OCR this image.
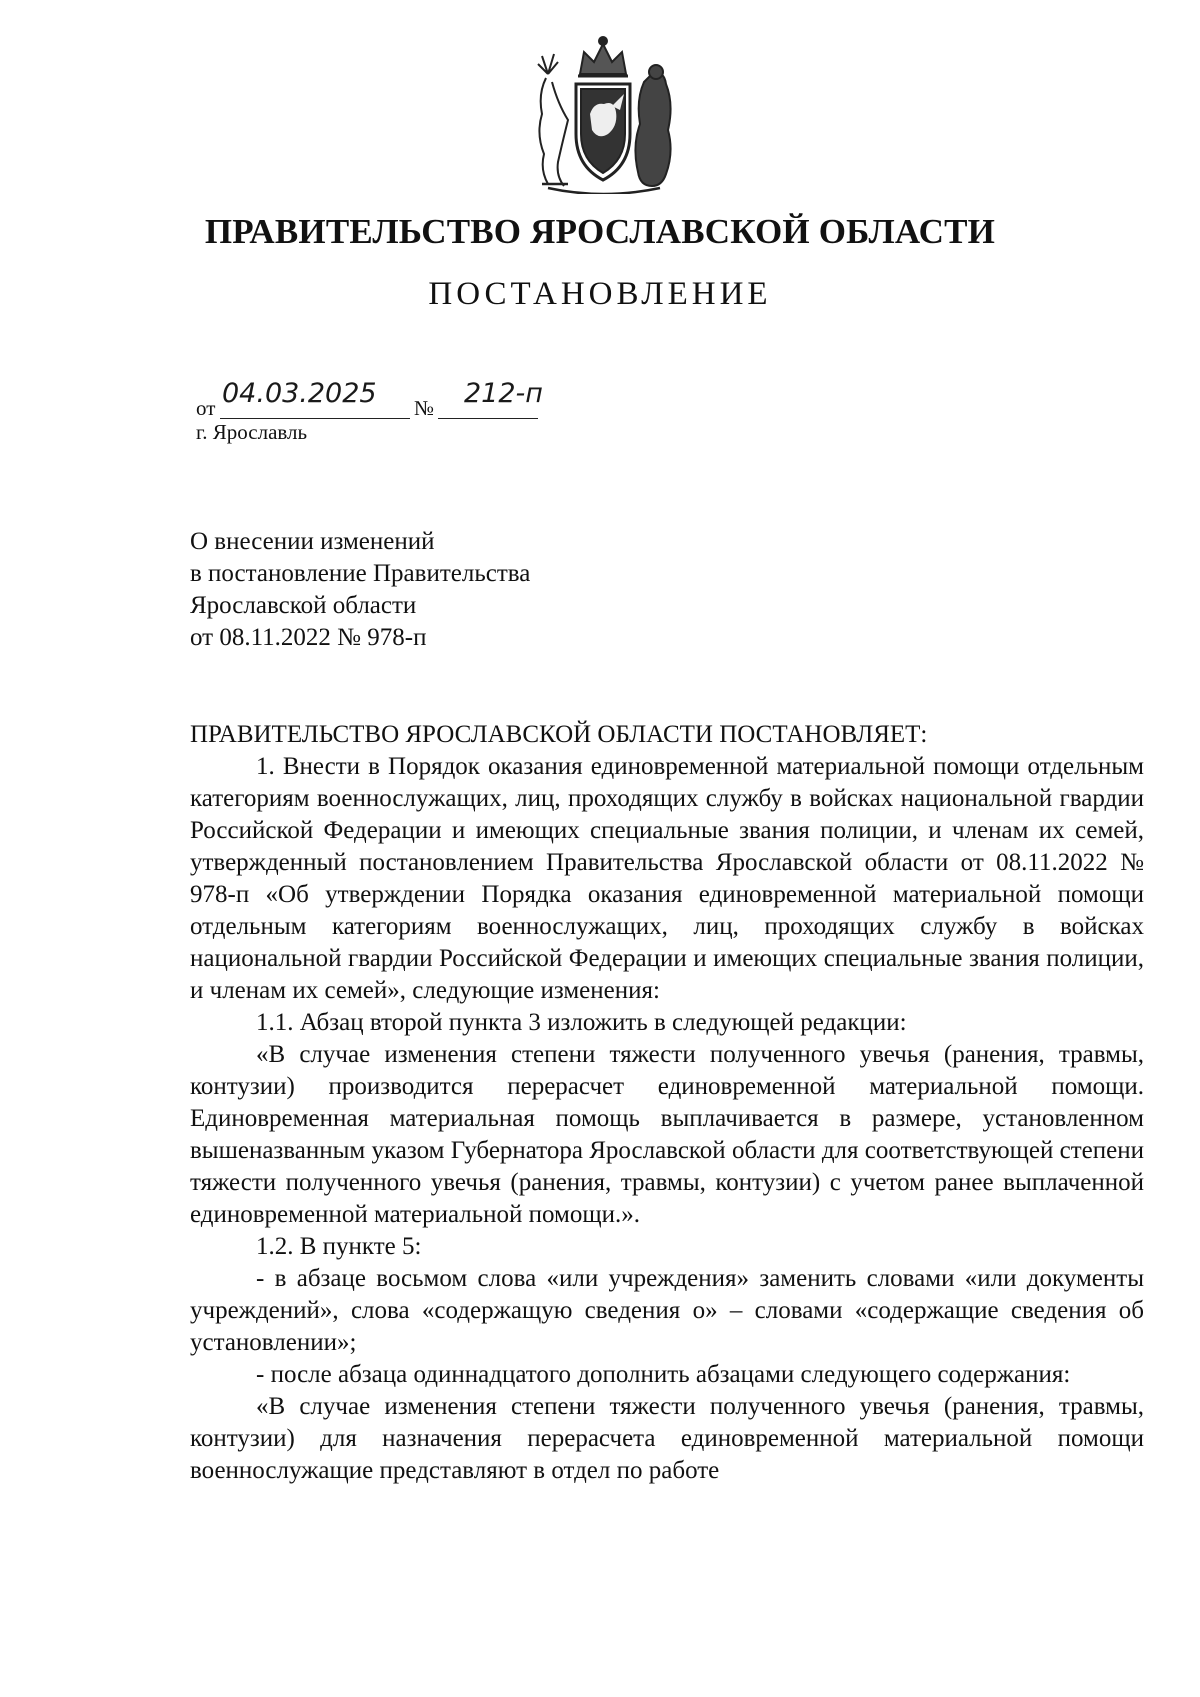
ПРАВИТЕЛЬСТВО ЯРОСЛАВСКОЙ ОБЛАСТИ
ПОСТАНОВЛЕНИЕ
от 04.03.2025 № 212-п
г. Ярославль
О внесении изменений
в постановление Правительства
Ярославской области
от 08.11.2022 № 978-п

ПРАВИТЕЛЬСТВО ЯРОСЛАВСКОЙ ОБЛАСТИ ПОСТАНОВЛЯЕТ:

1. Внести в Порядок оказания единовременной материальной помощи отдельным категориям военнослужащих, лиц, проходящих службу в войсках национальной гвардии Российской Федерации и имеющих специальные звания полиции, и членам их семей, утвержденный постановлением Правительства Ярославской области от 08.11.2022 № 978-п «Об утверждении Порядка оказания единовременной материальной помощи отдельным категориям военнослужащих, лиц, проходящих службу в войсках национальной гвардии Российской Федерации и имеющих специальные звания полиции, и членам их семей», следующие изменения:

1.1. Абзац второй пункта 3 изложить в следующей редакции:

«В случае изменения степени тяжести полученного увечья (ранения, травмы, контузии) производится перерасчет единовременной материальной помощи. Единовременная материальная помощь выплачивается в размере, установленном вышеназванным указом Губернатора Ярославской области для соответствующей степени тяжести полученного увечья (ранения, травмы, контузии) с учетом ранее выплаченной единовременной материальной помощи.».

1.2. В пункте 5:

- в абзаце восьмом слова «или учреждения» заменить словами «или документы учреждений», слова «содержащую сведения о» – словами «содержащие сведения об установлении»;

- после абзаца одиннадцатого дополнить абзацами следующего содержания:

«В случае изменения степени тяжести полученного увечья (ранения, травмы, контузии) для назначения перерасчета единовременной материальной помощи военнослужащие представляют в отдел по работе
